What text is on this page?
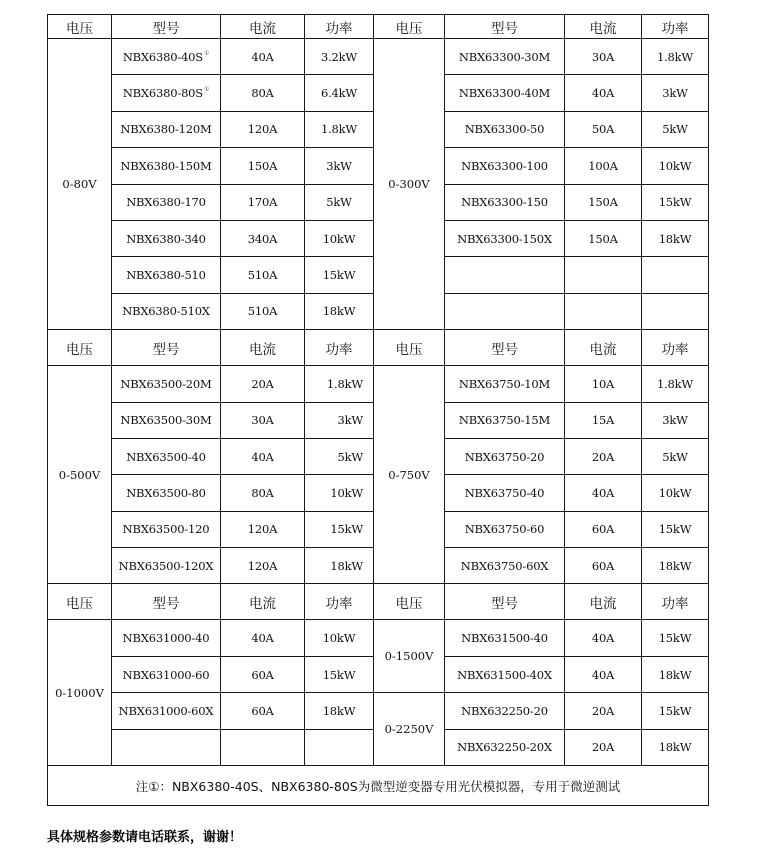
电压	型号	电流	功率	电压	型号	电流	功率
0-80V	NBX6380-40S①	40A	3.2kW	0-300V	NBX63300-30M	30A	1.8kW
	NBX6380-80S①	80A	6.4kW		NBX63300-40M	40A	3kW
	NBX6380-120M	120A	1.8kW		NBX63300-50	50A	5kW
	NBX6380-150M	150A	3kW		NBX63300-100	100A	10kW
	NBX6380-170	170A	5kW		NBX63300-150	150A	15kW
	NBX6380-340	340A	10kW		NBX63300-150X	150A	18kW
	NBX6380-510	510A	15kW				
	NBX6380-510X	510A	18kW				
电压	型号	电流	功率	电压	型号	电流	功率
0-500V	NBX63500-20M	20A	1.8kW	0-750V	NBX63750-10M	10A	1.8kW
	NBX63500-30M	30A	3kW		NBX63750-15M	15A	3kW
	NBX63500-40	40A	5kW		NBX63750-20	20A	5kW
	NBX63500-80	80A	10kW		NBX63750-40	40A	10kW
	NBX63500-120	120A	15kW		NBX63750-60	60A	15kW
	NBX63500-120X	120A	18kW		NBX63750-60X	60A	18kW
电压	型号	电流	功率	电压	型号	电流	功率
0-1000V	NBX631000-40	40A	10kW	0-1500V	NBX631500-40	40A	15kW
	NBX631000-60	60A	15kW		NBX631500-40X	40A	18kW
	NBX631000-60X	60A	18kW	0-2250V	NBX632250-20	20A	15kW
					NBX632250-20X	20A	18kW
注①：NBX6380-40S、NBX6380-80S为微型逆变器专用光伏模拟器，专用于微逆测试							
具体规格参数请电话联系，谢谢！
